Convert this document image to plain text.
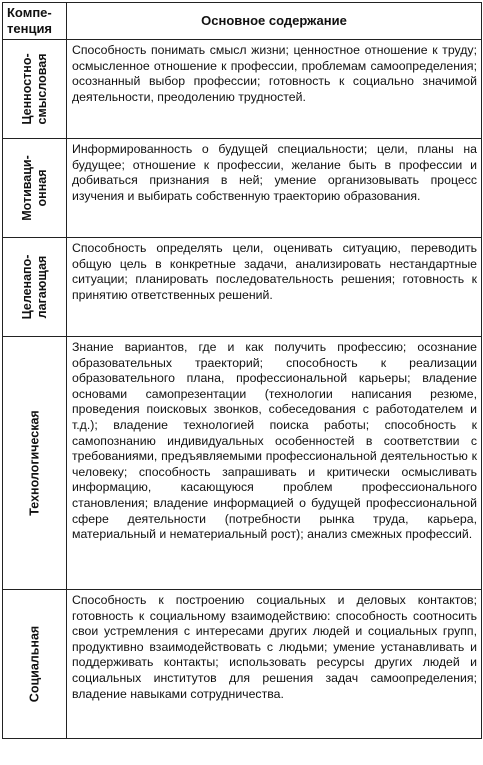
Компе-
тенция	Основное содержание

Ценностно- смысловая	Способность понимать смысл жизни; ценностное отношение к труду; осмысленное отношение к профессии, проблемам самоопределения; осознанный выбор профессии; готовность к социально значимой деятельности, преодолению трудностей.

Мотиваци- онная	Информированность о будущей специальности; цели, планы на будущее; отношение к профессии, желание быть в профессии и добиваться признания в ней; умение организовывать процесс изучения и выбирать собственную траекторию образования.

Целенапо- лагающая	Способность определять цели, оценивать ситуацию, переводить общую цель в конкретные задачи, анализировать нестандартные ситуации; планировать последовательность решения; готовность к принятию ответственных решений.

Технологическая	Знание вариантов, где и как получить профессию; осознание образовательных траекторий; способность к реализации образовательного плана, профессиональной карьеры; владение основами самопрезентации (технологии написания резюме, проведения поисковых звонков, собеседования с работодателем и т.д.); владение технологией поиска работы; способность к самопознанию индивидуальных особенностей в соответствии с требованиями, предъявляемыми профессиональной деятельностью к человеку; способность запрашивать и критически осмысливать информацию, касающуюся проблем профессионального становления; владение информацией о будущей профессиональной сфере деятельности (потребности рынка труда, карьера, материальный и нематериальный рост); анализ смежных профессий.

Социальная	Способность к построению социальных и деловых контактов; готовность к социальному взаимодействию: способность соотносить свои устремления с интересами других людей и социальных групп, продуктивно взаимодействовать с людьми; умение устанавливать и поддерживать контакты; использовать ресурсы других людей и социальных институтов для решения задач самоопределения; владение навыками сотрудничества.
